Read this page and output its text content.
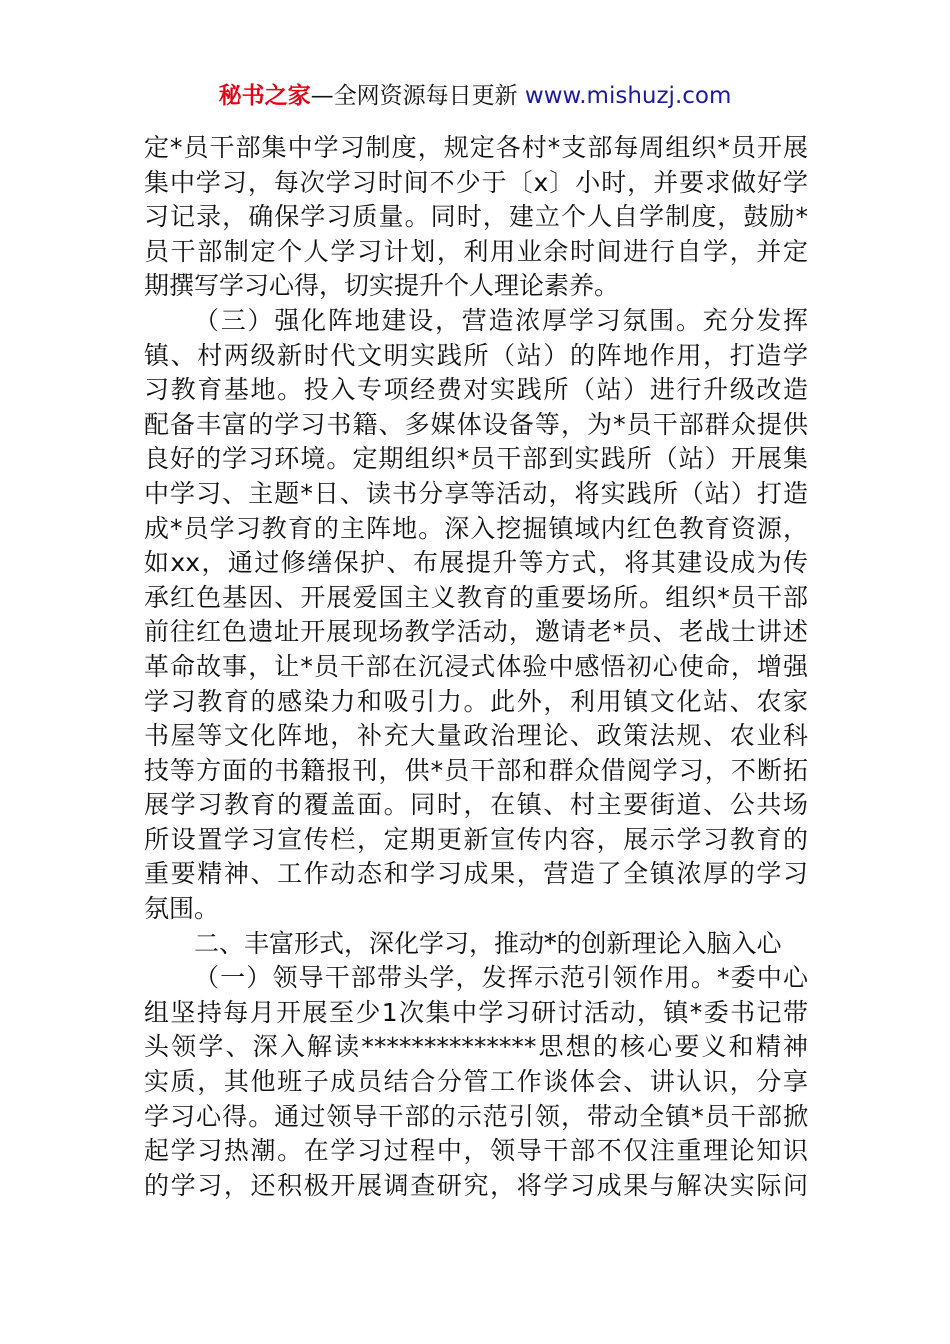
秘书之家—全网资源每日更新 www.mishuzj.com
定*员干部集中学习制度，规定各村*支部每周组织*员开展
集中学习，每次学习时间不少于〔x〕小时，并要求做好学
习记录，确保学习质量。同时，建立个人自学制度，鼓励*
员干部制定个人学习计划，利用业余时间进行自学，并定
期撰写学习心得，切实提升个人理论素养。
（三）强化阵地建设，营造浓厚学习氛围。充分发挥
镇、村两级新时代文明实践所（站）的阵地作用，打造学
习教育基地。投入专项经费对实践所（站）进行升级改造
配备丰富的学习书籍、多媒体设备等，为*员干部群众提供
良好的学习环境。定期组织*员干部到实践所（站）开展集
中学习、主题*日、读书分享等活动，将实践所（站）打造
成*员学习教育的主阵地。深入挖掘镇域内红色教育资源，
如xx，通过修缮保护、布展提升等方式，将其建设成为传
承红色基因、开展爱国主义教育的重要场所。组织*员干部
前往红色遗址开展现场教学活动，邀请老*员、老战士讲述
革命故事，让*员干部在沉浸式体验中感悟初心使命，增强
学习教育的感染力和吸引力。此外，利用镇文化站、农家
书屋等文化阵地，补充大量政治理论、政策法规、农业科
技等方面的书籍报刊，供*员干部和群众借阅学习，不断拓
展学习教育的覆盖面。同时，在镇、村主要街道、公共场
所设置学习宣传栏，定期更新宣传内容，展示学习教育的
重要精神、工作动态和学习成果，营造了全镇浓厚的学习
氛围。
二、丰富形式，深化学习，推动*的创新理论入脑入心
（一）领导干部带头学，发挥示范引领作用。*委中心
组坚持每月开展至少1次集中学习研讨活动，镇*委书记带
头领学、深入解读**************思想的核心要义和精神
实质，其他班子成员结合分管工作谈体会、讲认识，分享
学习心得。通过领导干部的示范引领，带动全镇*员干部掀
起学习热潮。在学习过程中，领导干部不仅注重理论知识
的学习，还积极开展调查研究，将学习成果与解决实际问
